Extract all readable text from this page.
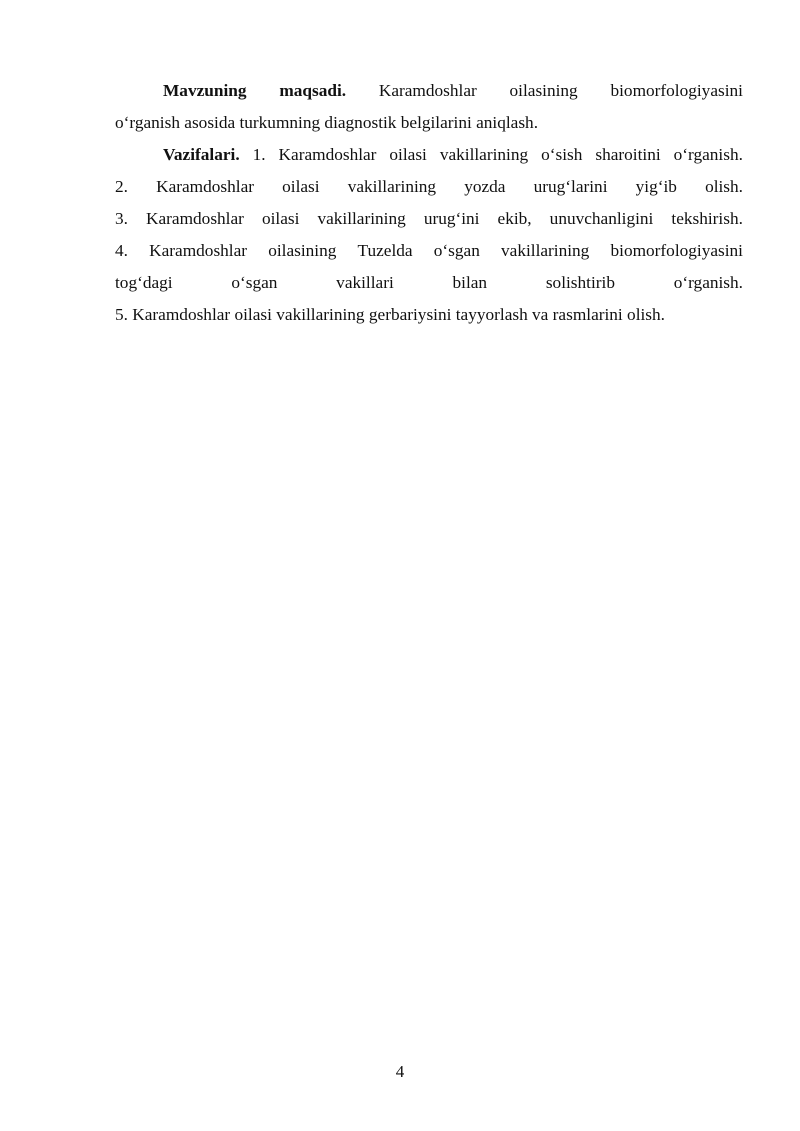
Mavzuning maqsadi. Karamdoshlar oilasining biomorfologiyasini
o‘rganish asosida turkumning diagnostik belgilarini aniqlash.
Vazifalari. 1. Karamdoshlar oilasi vakillarining o‘sish sharoitini o‘rganish.
2. Karamdoshlar oilasi vakillarining yozda urug‘larini yig‘ib olish.
3. Karamdoshlar oilasi vakillarining urug‘ini ekib, unuvchanligini tekshirish.
4. Karamdoshlar oilasining Tuzelda o‘sgan vakillarining biomorfologiyasini
tog‘dagi	o‘sgan	vakillari	bilan	solishtirib	o‘rganish.
5. Karamdoshlar oilasi vakillarining gerbariysini tayyorlash va rasmlarini olish.
4
